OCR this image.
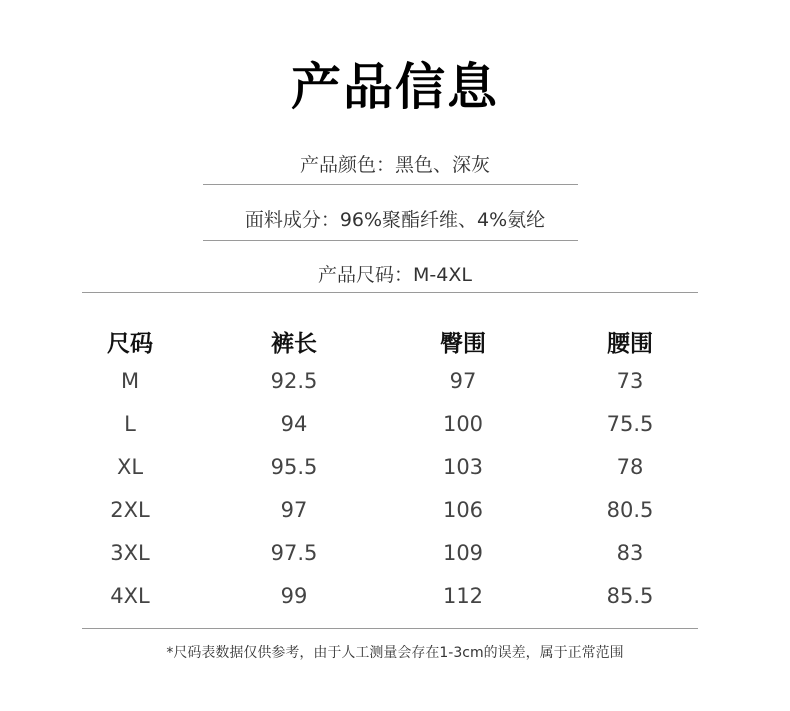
产品信息
产品颜色：黑色、深灰
面料成分：96%聚酯纤维、4%氨纶
产品尺码：M-4XL
尺码	裤长	臀围	腰围
M	92.5	97	73
L	94	100	75.5
XL	95.5	103	78
2XL	97	106	80.5
3XL	97.5	109	83
4XL	99	112	85.5
*尺码表数据仅供参考，由于人工测量会存在1-3cm的误差，属于正常范围
